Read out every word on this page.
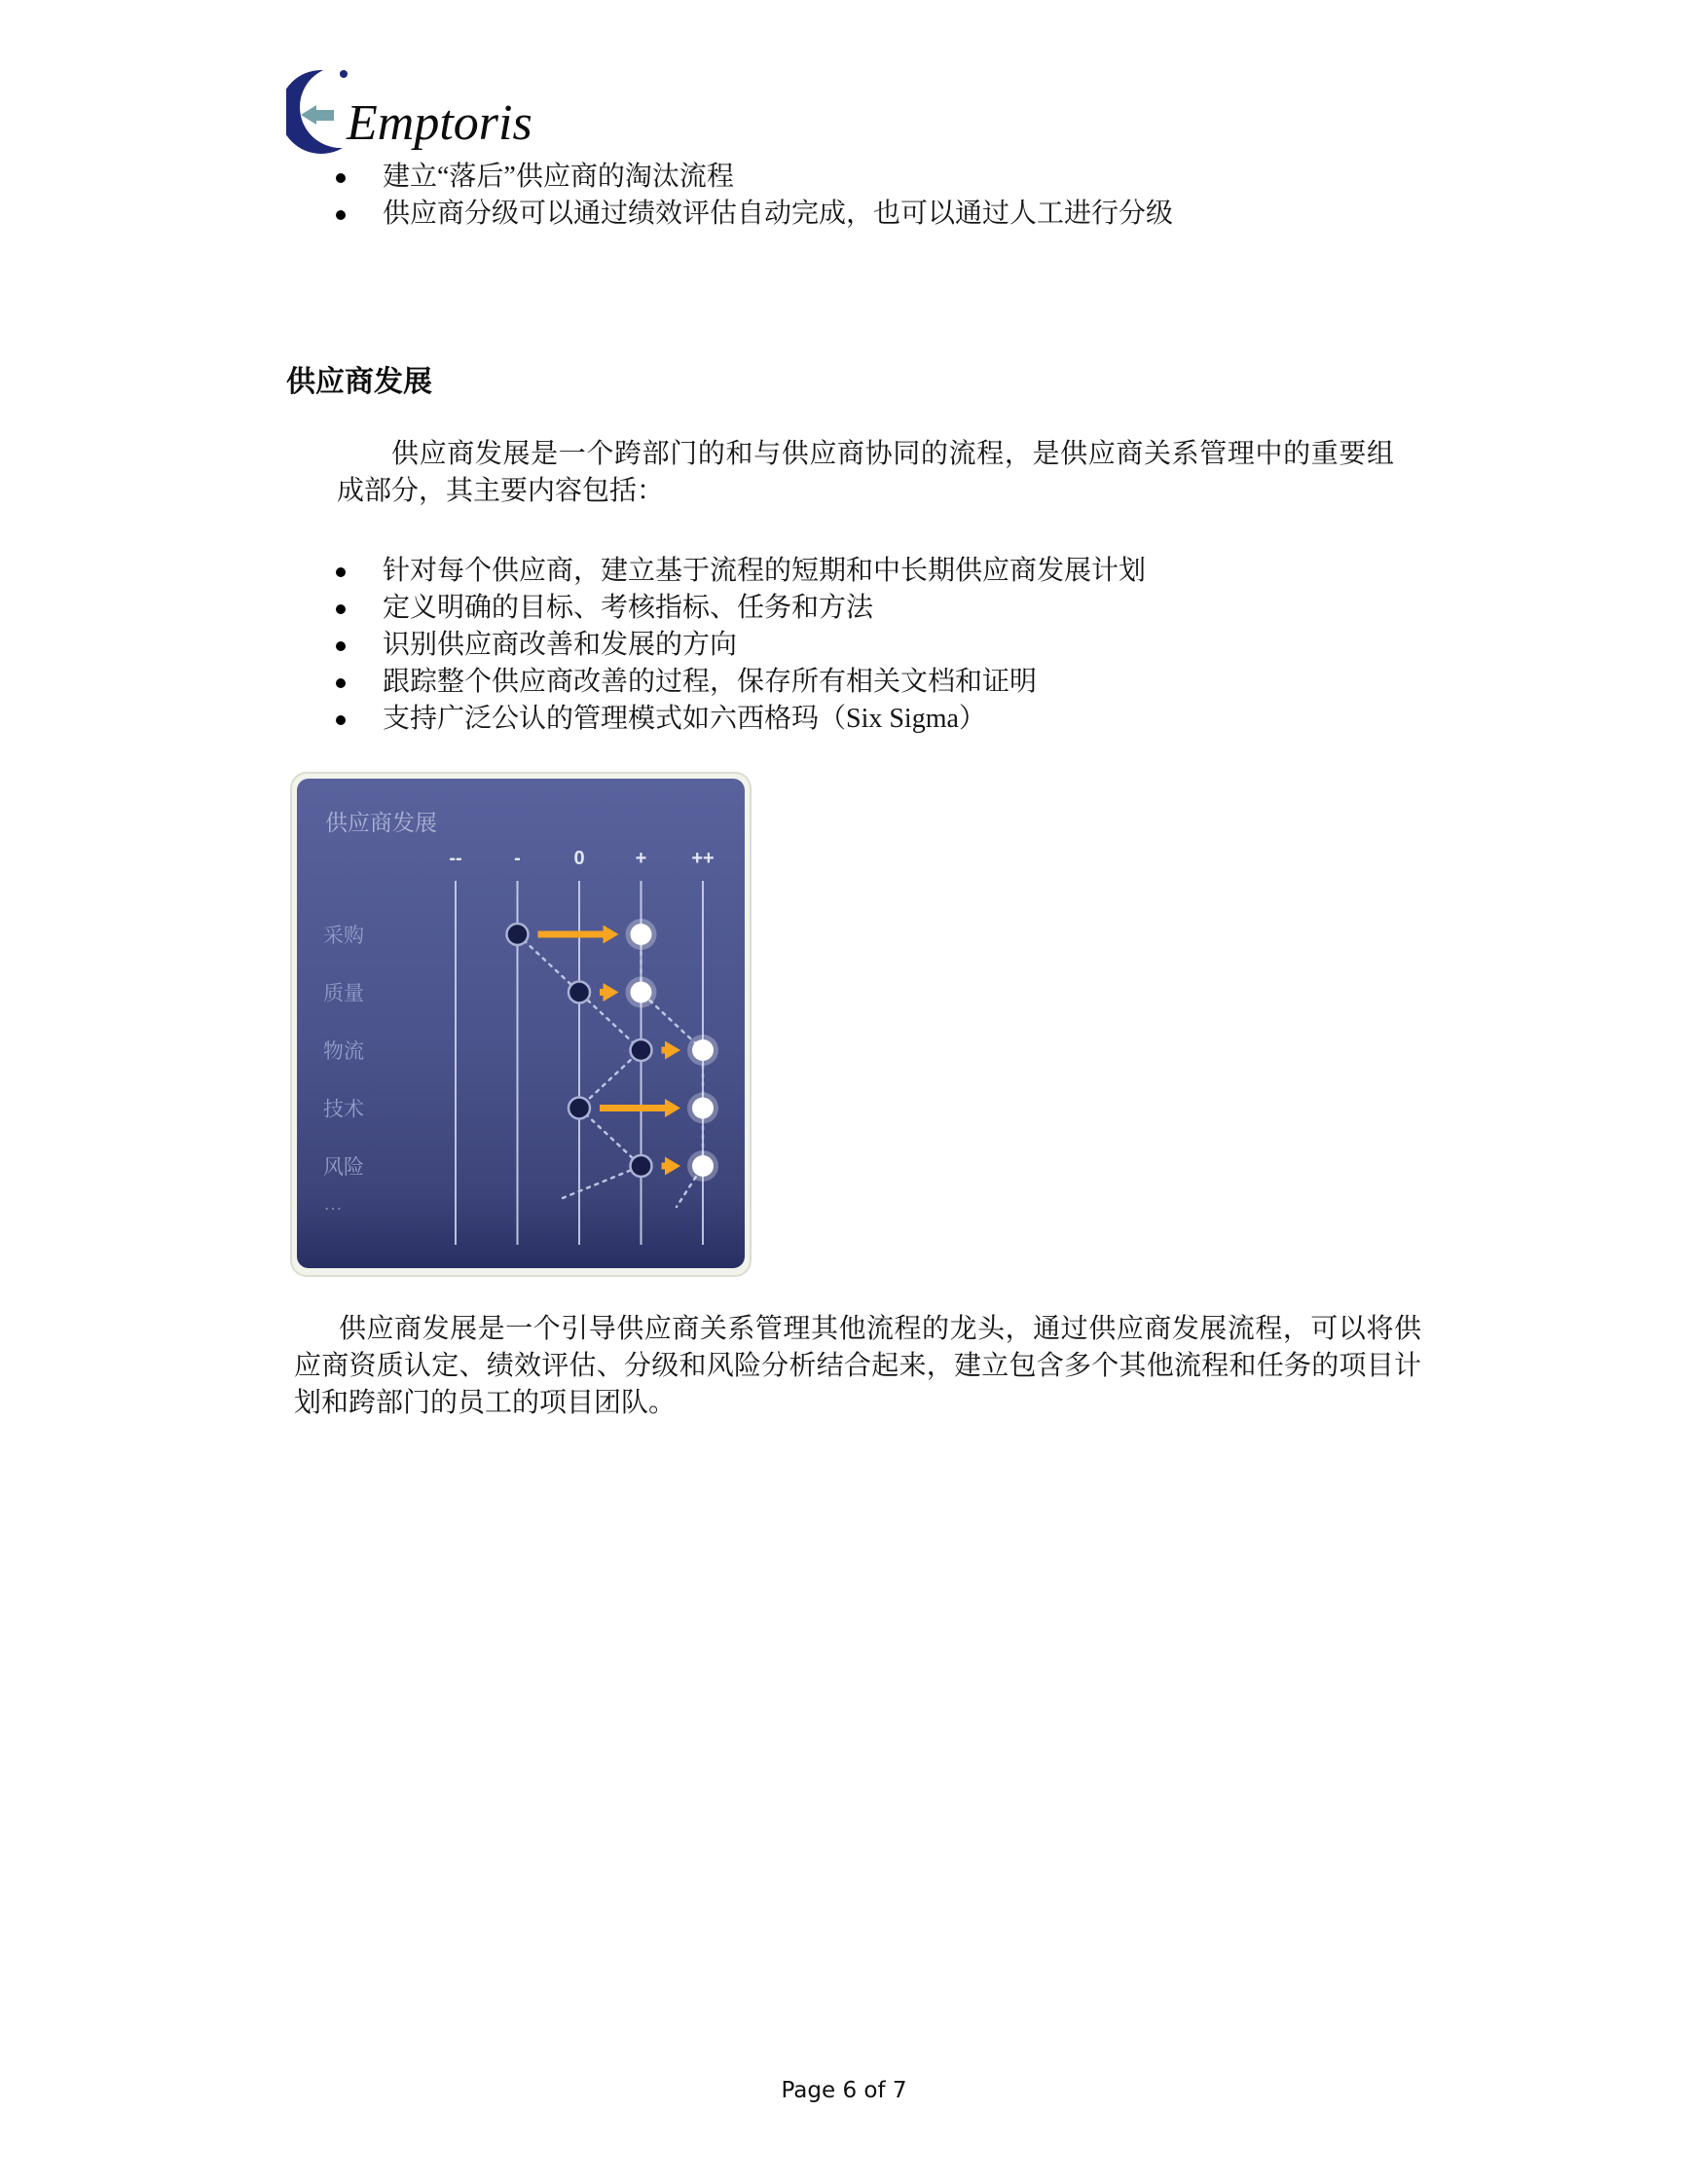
Emptoris
建立“落后”供应商的淘汰流程
供应商分级可以通过绩效评估自动完成，也可以通过人工进行分级
供应商发展

供应商发展是一个跨部门的和与供应商协同的流程，是供应商关系管理中的重要组成部分，其主要内容包括：

针对每个供应商，建立基于流程的短期和中长期供应商发展计划
定义明确的目标、考核指标、任务和方法
识别供应商改善和发展的方向
跟踪整个供应商改善的过程，保存所有相关文档和证明
支持广泛公认的管理模式如六西格玛（Six Sigma）
供应商发展
--	-	0	+ ++
采购
质量
物流
技术
风险
…

供应商发展是一个引导供应商关系管理其他流程的龙头，通过供应商发展流程，可以将供应商资质认定、绩效评估、分级和风险分析结合起来，建立包含多个其他流程和任务的项目计划和跨部门的员工的项目团队。

Page 6 of 7
